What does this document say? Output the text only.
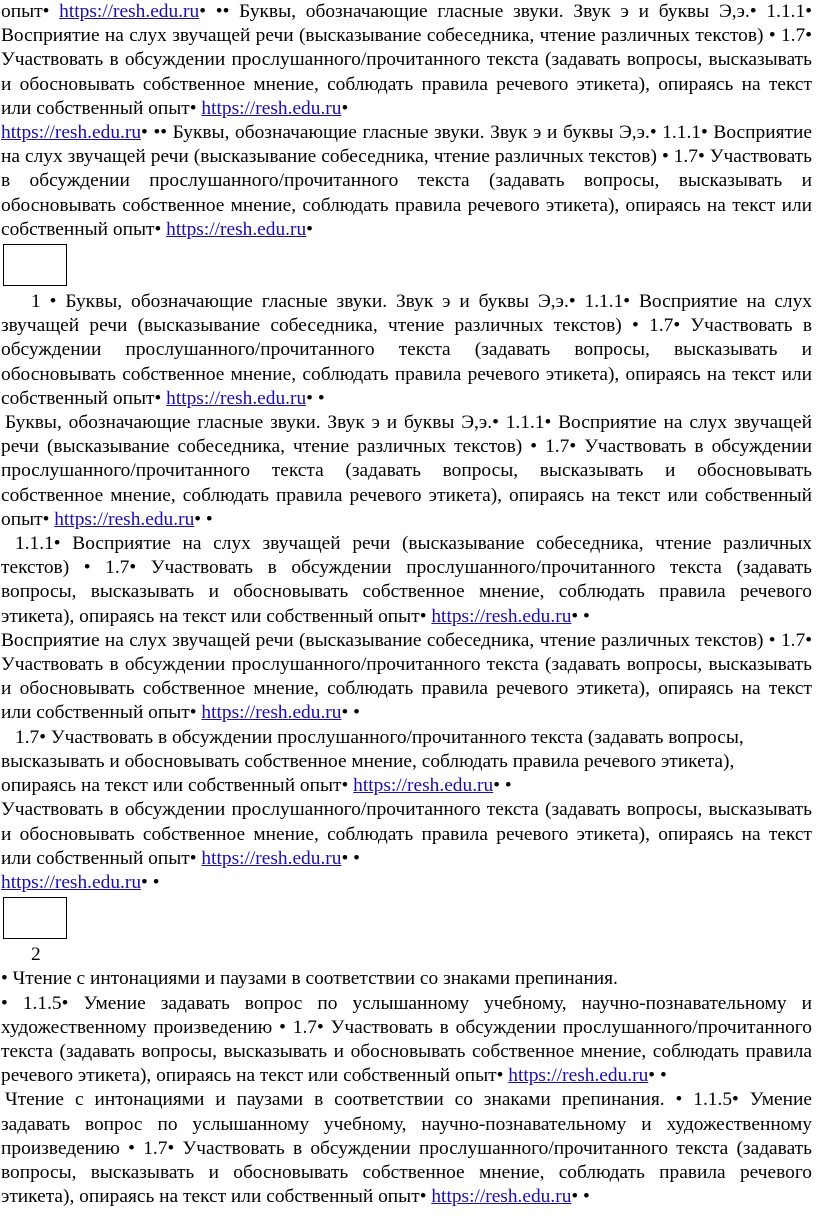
опыт• https://resh.edu.ru• •• Буквы, обозначающие гласные звуки. Звук э и буквы Э,э.• 1.1.1• Восприятие на слух звучащей речи (высказывание собеседника, чтение различных текстов) • 1.7• Участвовать в обсуждении прослушанного/прочитанного текста (задавать вопросы, высказывать и обосновывать собственное мнение, соблюдать правила речевого этикета), опираясь на текст или собственный опыт• https://resh.edu.ru•

https://resh.edu.ru• •• Буквы, обозначающие гласные звуки. Звук э и буквы Э,э.• 1.1.1• Восприятие на слух звучащей речи (высказывание собеседника, чтение различных текстов) • 1.7• Участвовать в обсуждении прослушанного/прочитанного текста (задавать вопросы, высказывать и обосновывать собственное мнение, соблюдать правила речевого этикета), опираясь на текст или собственный опыт• https://resh.edu.ru•

1 • Буквы, обозначающие гласные звуки. Звук э и буквы Э,э.• 1.1.1• Восприятие на слух звучащей речи (высказывание собеседника, чтение различных текстов) • 1.7• Участвовать в обсуждении прослушанного/прочитанного текста (задавать вопросы, высказывать и обосновывать собственное мнение, соблюдать правила речевого этикета), опираясь на текст или собственный опыт• https://resh.edu.ru• •

Буквы, обозначающие гласные звуки. Звук э и буквы Э,э.• 1.1.1• Восприятие на слух звучащей речи (высказывание собеседника, чтение различных текстов) • 1.7• Участвовать в обсуждении прослушанного/прочитанного текста (задавать вопросы, высказывать и обосновывать собственное мнение, соблюдать правила речевого этикета), опираясь на текст или собственный опыт• https://resh.edu.ru• •

1.1.1• Восприятие на слух звучащей речи (высказывание собеседника, чтение различных текстов) • 1.7• Участвовать в обсуждении прослушанного/прочитанного текста (задавать вопросы, высказывать и обосновывать собственное мнение, соблюдать правила речевого этикета), опираясь на текст или собственный опыт• https://resh.edu.ru• •

Восприятие на слух звучащей речи (высказывание собеседника, чтение различных текстов) • 1.7• Участвовать в обсуждении прослушанного/прочитанного текста (задавать вопросы, высказывать и обосновывать собственное мнение, соблюдать правила речевого этикета), опираясь на текст или собственный опыт• https://resh.edu.ru• •

1.7• Участвовать в обсуждении прослушанного/прочитанного текста (задавать вопросы, высказывать и обосновывать собственное мнение, соблюдать правила речевого этикета), опираясь на текст или собственный опыт• https://resh.edu.ru• •

Участвовать в обсуждении прослушанного/прочитанного текста (задавать вопросы, высказывать и обосновывать собственное мнение, соблюдать правила речевого этикета), опираясь на текст или собственный опыт• https://resh.edu.ru• •

https://resh.edu.ru• •

2

• Чтение с интонациями и паузами в соответствии со знаками препинания.

• 1.1.5• Умение задавать вопрос по услышанному учебному, научно-познавательному и художественному произведению • 1.7• Участвовать в обсуждении прослушанного/прочитанного текста (задавать вопросы, высказывать и обосновывать собственное мнение, соблюдать правила речевого этикета), опираясь на текст или собственный опыт• https://resh.edu.ru• •

Чтение с интонациями и паузами в соответствии со знаками препинания. • 1.1.5• Умение задавать вопрос по услышанному учебному, научно-познавательному и художественному произведению • 1.7• Участвовать в обсуждении прослушанного/прочитанного текста (задавать вопросы, высказывать и обосновывать собственное мнение, соблюдать правила речевого этикета), опираясь на текст или собственный опыт• https://resh.edu.ru• •
